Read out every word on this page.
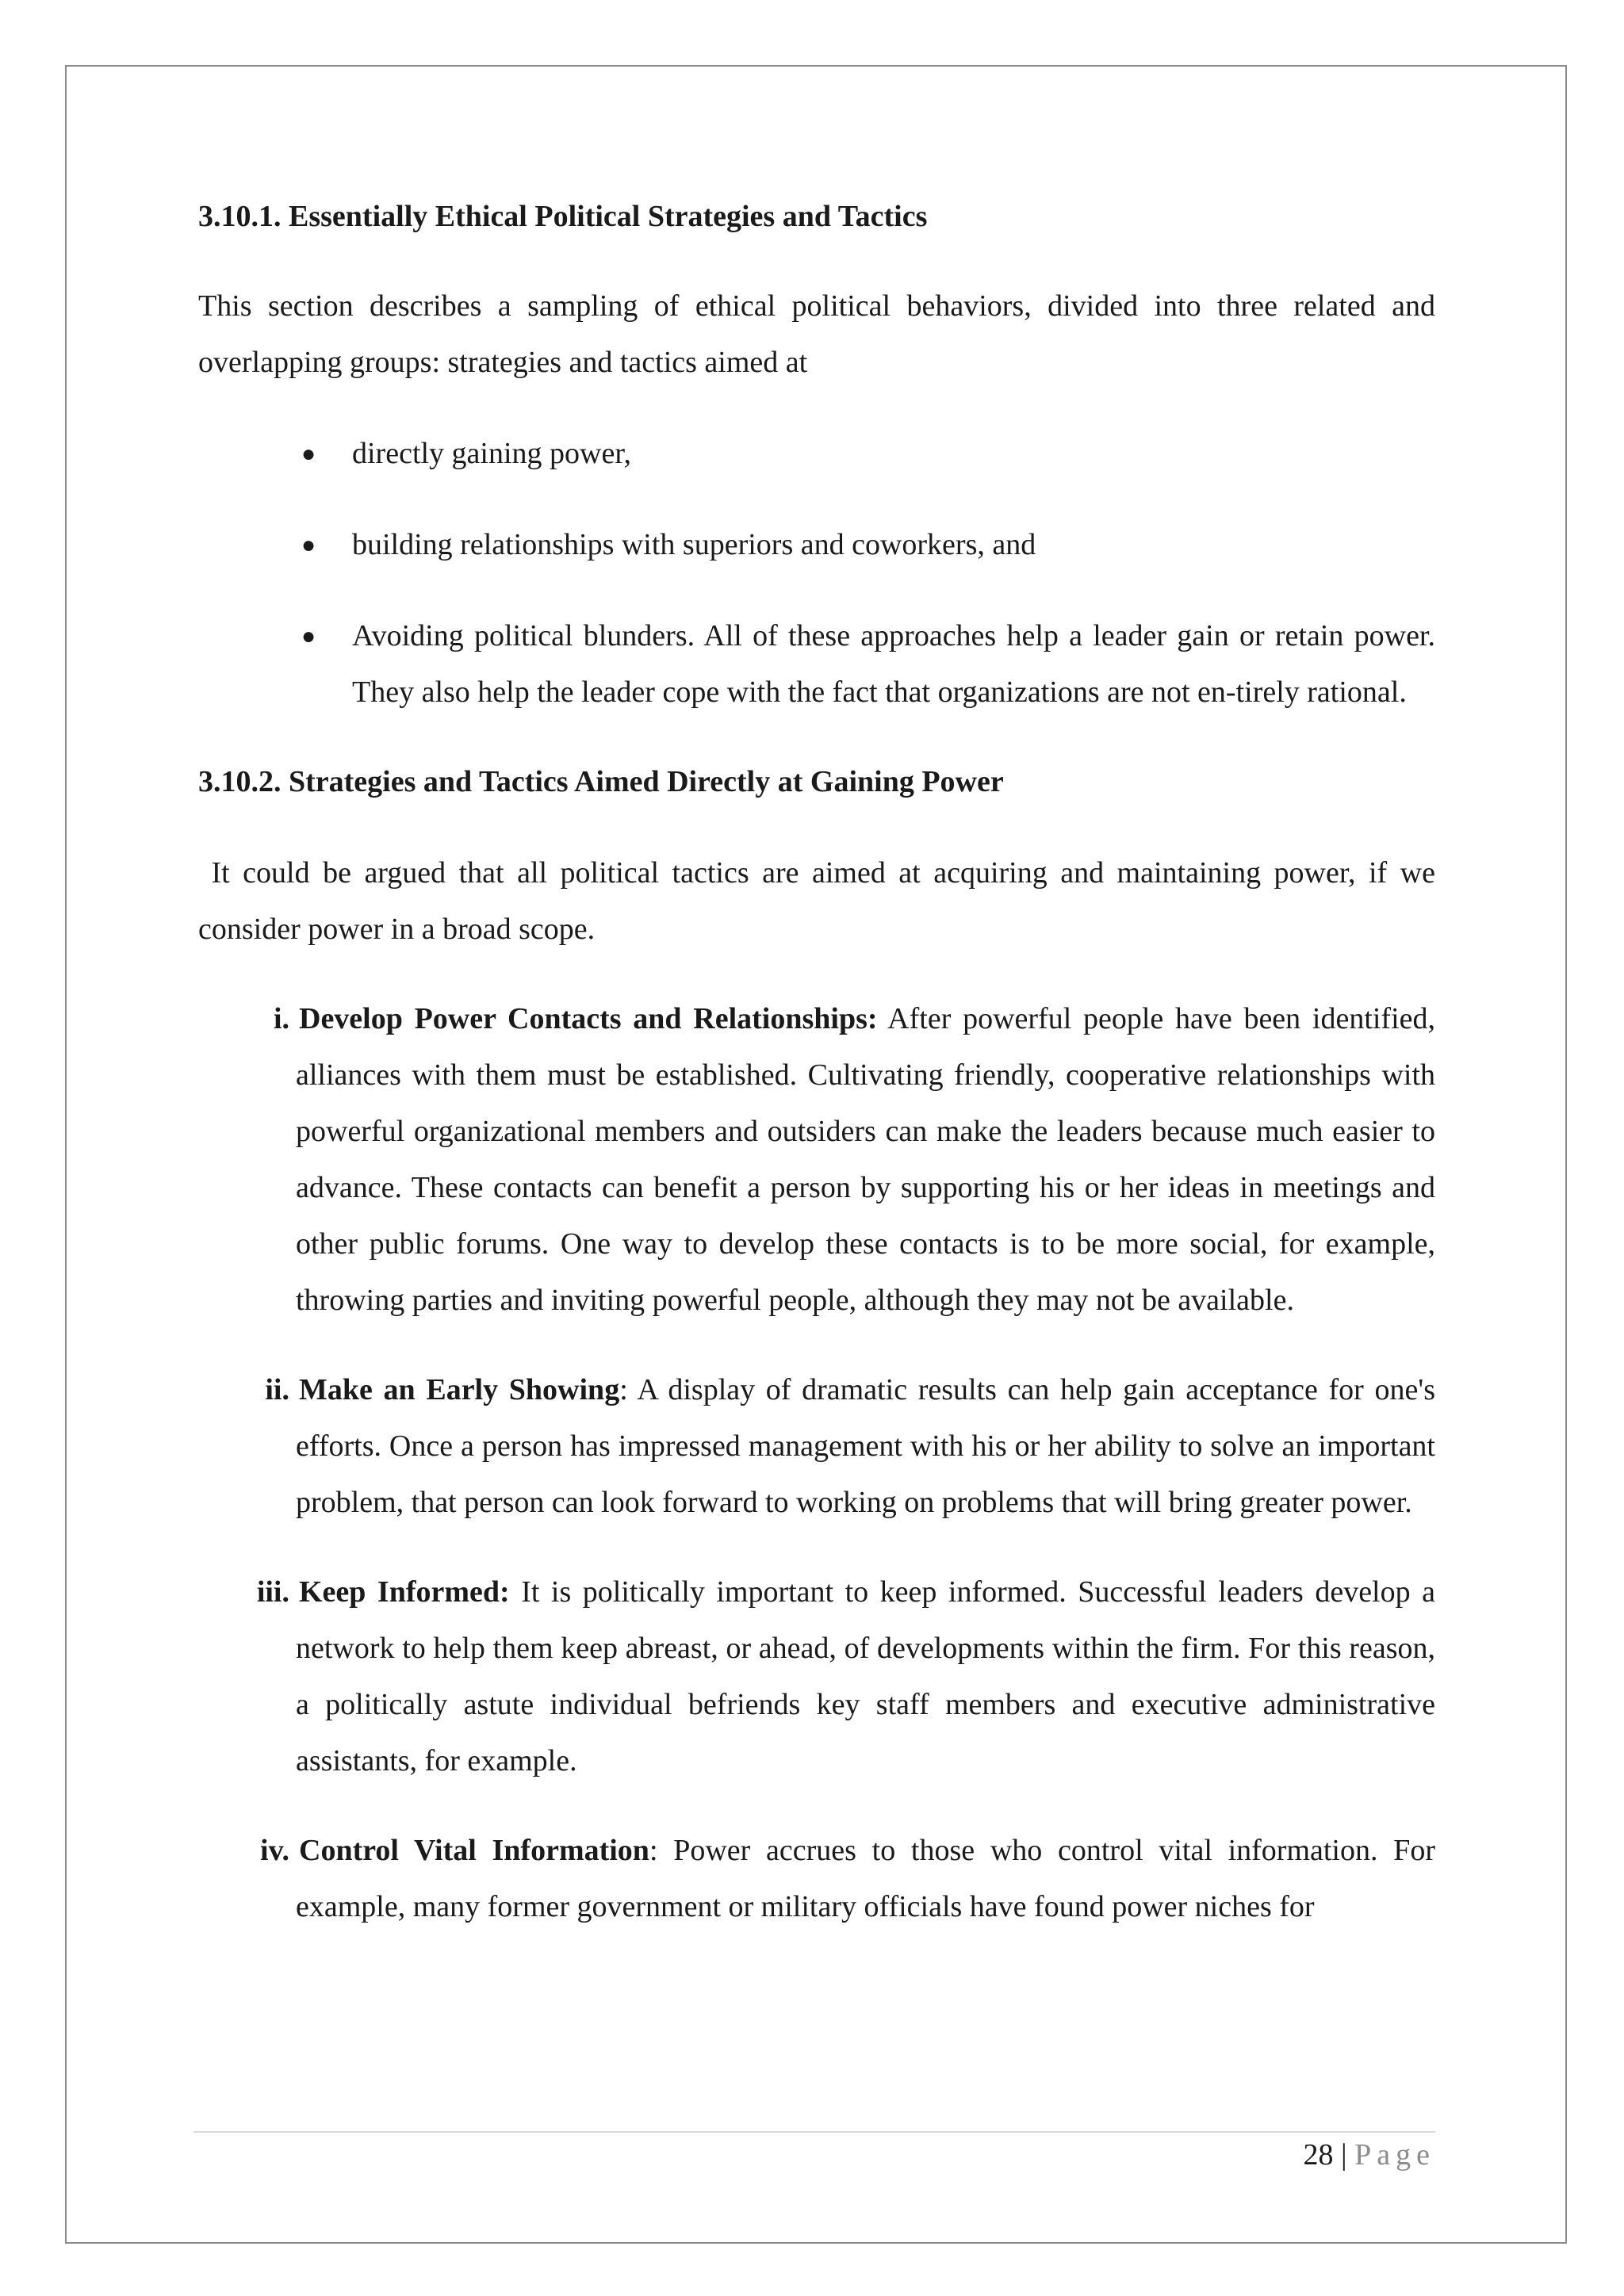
3.10.1. Essentially Ethical Political Strategies and Tactics

This section describes a sampling of ethical political behaviors, divided into three related and overlapping groups: strategies and tactics aimed at

● directly gaining power,
● building relationships with superiors and coworkers, and
● Avoiding political blunders. All of these approaches help a leader gain or retain power. They also help the leader cope with the fact that organizations are not en-tirely rational.

3.10.2. Strategies and Tactics Aimed Directly at Gaining Power

It could be argued that all political tactics are aimed at acquiring and maintaining power, if we consider power in a broad scope.

i. Develop Power Contacts and Relationships: After powerful people have been identified, alliances with them must be established. Cultivating friendly, cooperative relationships with powerful organizational members and outsiders can make the leaders because much easier to advance. These contacts can benefit a person by supporting his or her ideas in meetings and other public forums. One way to develop these contacts is to be more social, for example, throwing parties and inviting powerful people, although they may not be available.
ii. Make an Early Showing: A display of dramatic results can help gain acceptance for one's efforts. Once a person has impressed management with his or her ability to solve an important problem, that person can look forward to working on problems that will bring greater power.
iii. Keep Informed: It is politically important to keep informed. Successful leaders develop a network to help them keep abreast, or ahead, of developments within the firm. For this reason, a politically astute individual befriends key staff members and executive administrative assistants, for example.
iv. Control Vital Information: Power accrues to those who control vital information. For example, many former government or military officials have found power niches for
28 | Page
